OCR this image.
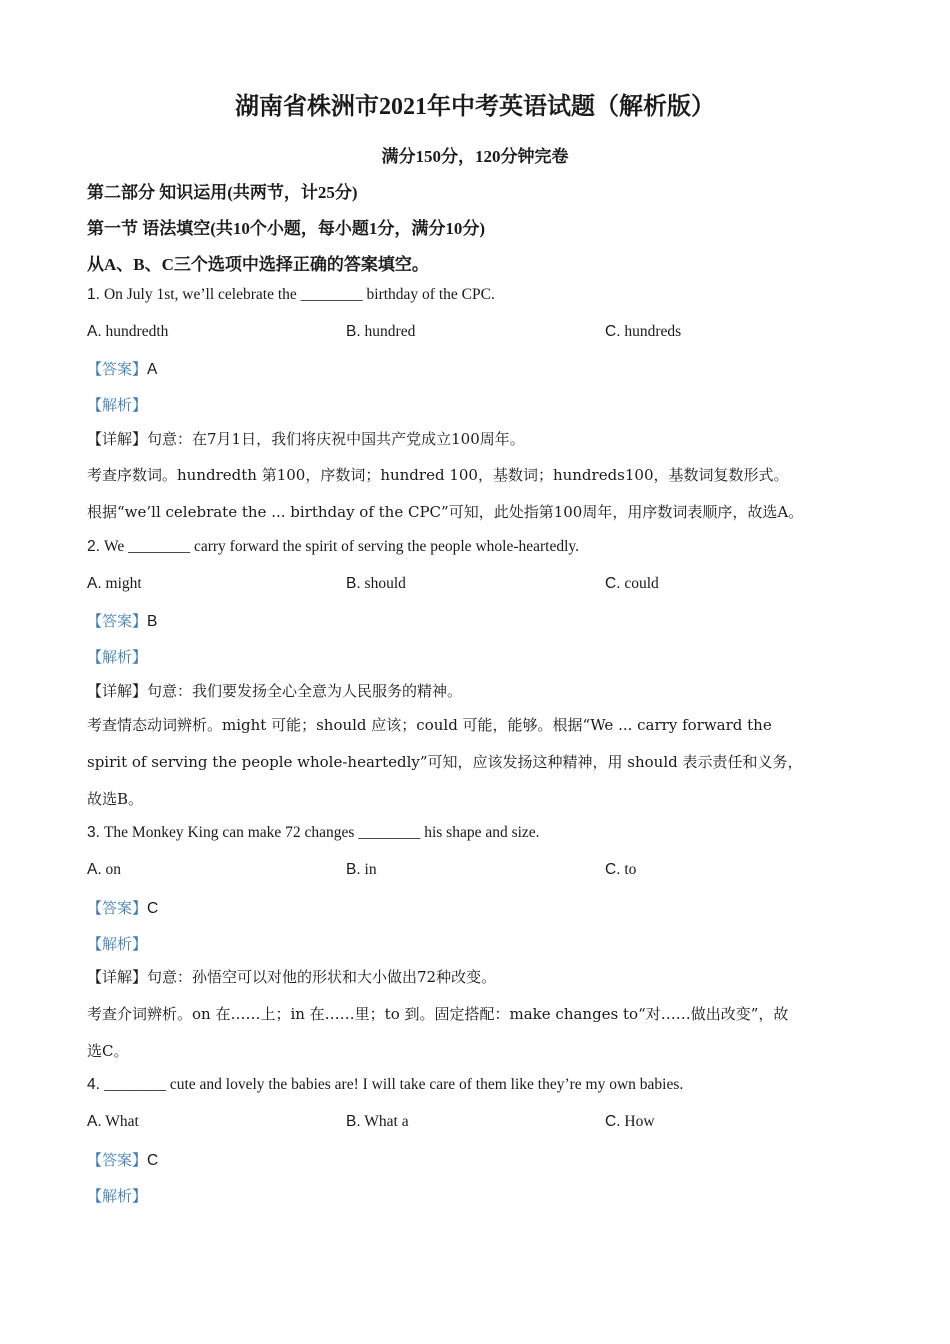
湖南省株洲市2021年中考英语试题（解析版）
满分150分，120分钟完卷
第二部分 知识运用(共两节，计25分)
第一节 语法填空(共10个小题，每小题1分，满分10分)
从A、B、C三个选项中选择正确的答案填空。
1. On July 1st, we’ll celebrate the ________ birthday of the CPC.
A. hundredth	B. hundred	C. hundreds
【答案】A
【解析】
【详解】句意：在7月1日，我们将庆祝中国共产党成立100周年。
考查序数词。hundredth 第100，序数词；hundred 100，基数词；hundreds100，基数词复数形式。
根据“we’ll celebrate the ... birthday of the CPC”可知，此处指第100周年，用序数词表顺序，故选A。
2. We ________ carry forward the spirit of serving the people whole-heartedly.
A. might	B. should	C. could
【答案】B
【解析】
【详解】句意：我们要发扬全心全意为人民服务的精神。
考查情态动词辨析。might 可能；should 应该；could 可能，能够。根据“We ... carry forward the
spirit of serving the people whole-heartedly”可知，应该发扬这种精神，用 should 表示责任和义务，
故选B。
3. The Monkey King can make 72 changes ________ his shape and size.
A. on	B. in	C. to
【答案】C
【解析】
【详解】句意：孙悟空可以对他的形状和大小做出72种改变。
考查介词辨析。on 在……上；in 在……里；to 到。固定搭配：make changes to“对……做出改变”，故
选C。
4. ________ cute and lovely the babies are! I will take care of them like they’re my own babies.
A. What	B. What a	C. How
【答案】C
【解析】
